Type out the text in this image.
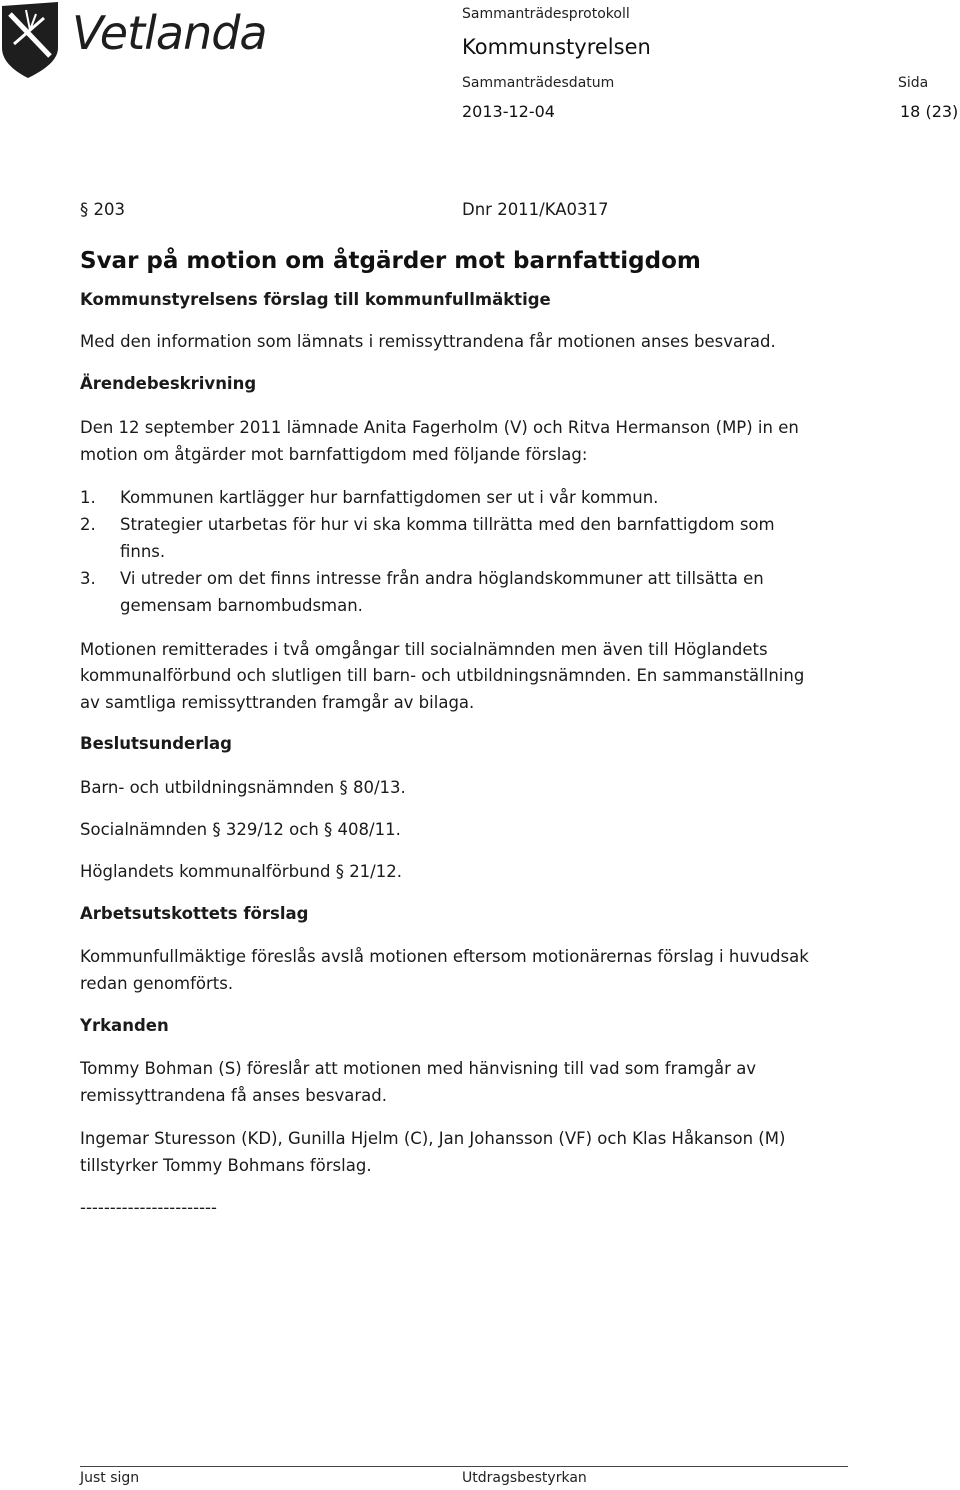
Vetlanda	Sammanträdesprotokoll
Kommunstyrelsen
Sammanträdesdatum	Sida
2013-12-04	18 (23)
§ 203	Dnr 2011/KA0317
Svar på motion om åtgärder mot barnfattigdom
Kommunstyrelsens förslag till kommunfullmäktige
Med den information som lämnats i remissyttrandena får motionen anses besvarad.
Ärendebeskrivning
Den 12 september 2011 lämnade Anita Fagerholm (V) och Ritva Hermanson (MP) in en
motion om åtgärder mot barnfattigdom med följande förslag:
1. Kommunen kartlägger hur barnfattigdomen ser ut i vår kommun.
2. Strategier utarbetas för hur vi ska komma tillrätta med den barnfattigdom som
finns.
3. Vi utreder om det finns intresse från andra höglandskommuner att tillsätta en
gemensam barnombudsman.
Motionen remitterades i två omgångar till socialnämnden men även till Höglandets
kommunalförbund och slutligen till barn- och utbildningsnämnden. En sammanställning
av samtliga remissyttranden framgår av bilaga.
Beslutsunderlag
Barn- och utbildningsnämnden § 80/13.
Socialnämnden § 329/12 och § 408/11.
Höglandets kommunalförbund § 21/12.
Arbetsutskottets förslag
Kommunfullmäktige föreslås avslå motionen eftersom motionärernas förslag i huvudsak
redan genomförts.
Yrkanden
Tommy Bohman (S) föreslår att motionen med hänvisning till vad som framgår av
remissyttrandena få anses besvarad.
Ingemar Sturesson (KD), Gunilla Hjelm (C), Jan Johansson (VF) och Klas Håkanson (M)
tillstyrker Tommy Bohmans förslag.
-----------------------
Just sign	Utdragsbestyrkan
